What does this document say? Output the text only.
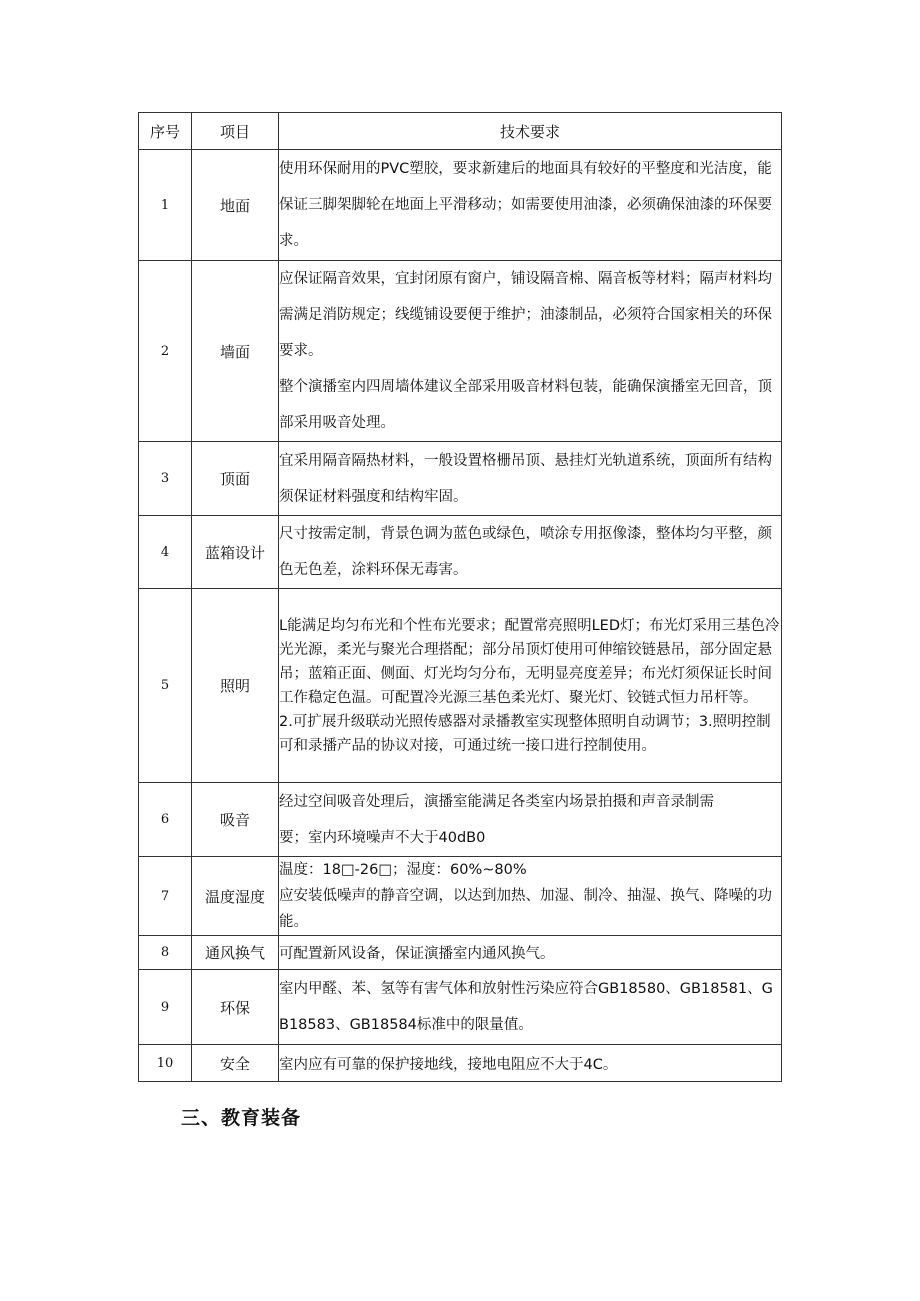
序号	项目	技术要求
1	地面	使用环保耐用的PVC塑胶，要求新建后的地面具有较好的平整度和光洁度，能保证三脚架脚轮在地面上平滑移动；如需要使用油漆，必须确保油漆的环保要求。

2	墙面	应保证隔音效果，宜封闭原有窗户，铺设隔音棉、隔音板等材料；隔声材料均需满足消防规定；线缆铺设要便于维护；油漆制品，必须符合国家相关的环保要求。

整个演播室内四周墙体建议全部采用吸音材料包装，能确保演播室无回音，顶部采用吸音处理。

3	顶面	宜采用隔音隔热材料，一般设置格栅吊顶、悬挂灯光轨道系统，顶面所有结构须保证材料强度和结构牢固。

4	蓝箱设计	尺寸按需定制，背景色调为蓝色或绿色，喷涂专用抠像漆，整体均匀平整，颜色无色差，涂料环保无毒害。

5	照明	L能满足均匀布光和个性布光要求；配置常亮照明LED灯；布光灯采用三基色冷光光源，柔光与聚光合理搭配；部分吊顶灯使用可伸缩铰链悬吊，部分固定悬吊；蓝箱正面、侧面、灯光均匀分布，无明显亮度差异；布光灯须保证长时间工作稳定色温。可配置冷光源三基色柔光灯、聚光灯、铰链式恒力吊杆等。

2.可扩展升级联动光照传感器对录播教室实现整体照明自动调节；3.照明控制可和录播产品的协议对接，可通过统一接口进行控制使用。

6	吸音	经过空间吸音处理后，演播室能满足各类室内场景拍摄和声音录制需

要；室内环境噪声不大于40dB0

7	温度湿度	温度：18□-26□；湿度：60%~80%

应安装低噪声的静音空调，以达到加热、加湿、制冷、抽湿、换气、降噪的功能。

8	通风换气	可配置新风设备，保证演播室内通风换气。

9	环保	室内甲醛、苯、氢等有害气体和放射性污染应符合GB18580、GB18581、GB18583、GB18584标准中的限量值。

10	安全	室内应有可靠的保护接地线，接地电阻应不大于4C。

三、教育装备
